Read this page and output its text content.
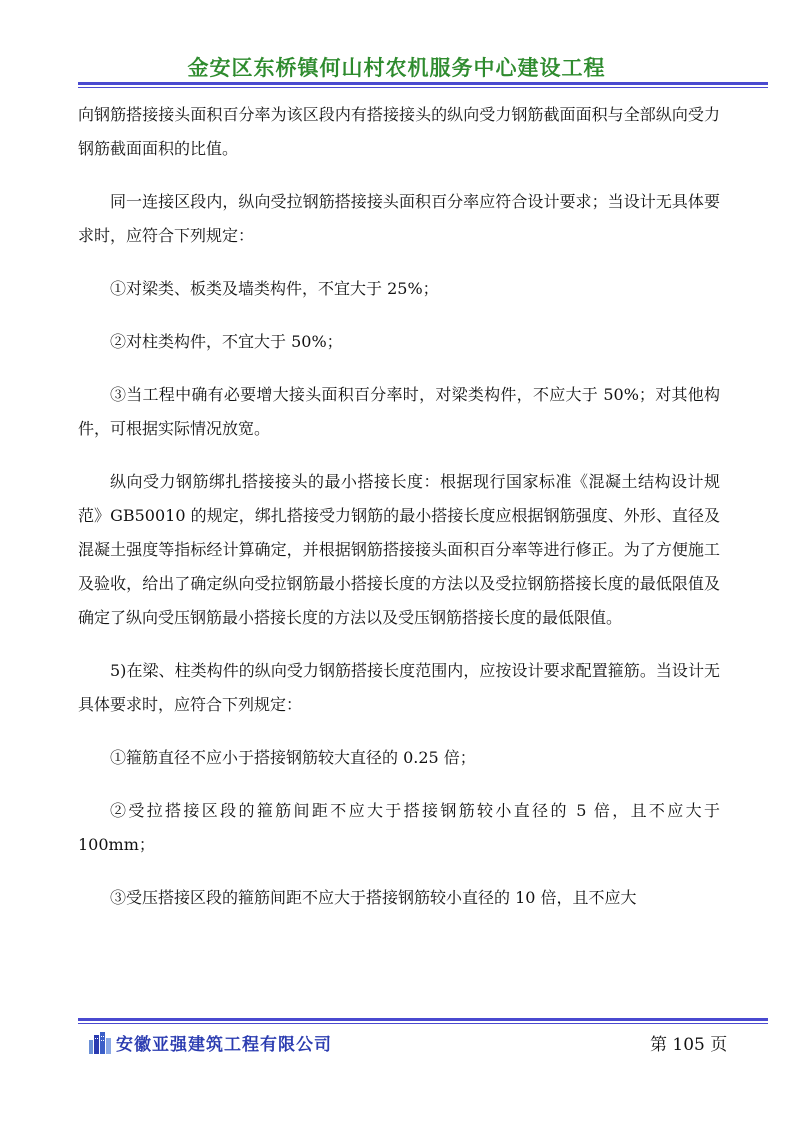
金安区东桥镇何山村农机服务中心建设工程

向钢筋搭接接头面积百分率为该区段内有搭接接头的纵向受力钢筋截面面积与全部纵向受力钢筋截面面积的比值。

同一连接区段内，纵向受拉钢筋搭接接头面积百分率应符合设计要求；当设计无具体要求时，应符合下列规定：

①对梁类、板类及墙类构件，不宜大于 25%；

②对柱类构件，不宜大于 50%；

③当工程中确有必要增大接头面积百分率时，对梁类构件，不应大于 50%；对其他构件，可根据实际情况放宽。

纵向受力钢筋绑扎搭接接头的最小搭接长度：根据现行国家标准《混凝土结构设计规范》GB50010 的规定，绑扎搭接受力钢筋的最小搭接长度应根据钢筋强度、外形、直径及混凝土强度等指标经计算确定，并根据钢筋搭接接头面积百分率等进行修正。为了方便施工及验收，给出了确定纵向受拉钢筋最小搭接长度的方法以及受拉钢筋搭接长度的最低限值及确定了纵向受压钢筋最小搭接长度的方法以及受压钢筋搭接长度的最低限值。

5)在梁、柱类构件的纵向受力钢筋搭接长度范围内，应按设计要求配置箍筋。当设计无具体要求时，应符合下列规定：

①箍筋直径不应小于搭接钢筋较大直径的 0.25 倍；

②受拉搭接区段的箍筋间距不应大于搭接钢筋较小直径的 5 倍，且不应大于 100mm；

③受压搭接区段的箍筋间距不应大于搭接钢筋较小直径的 10 倍，且不应大

安徽亚强建筑工程有限公司	第 105 页
